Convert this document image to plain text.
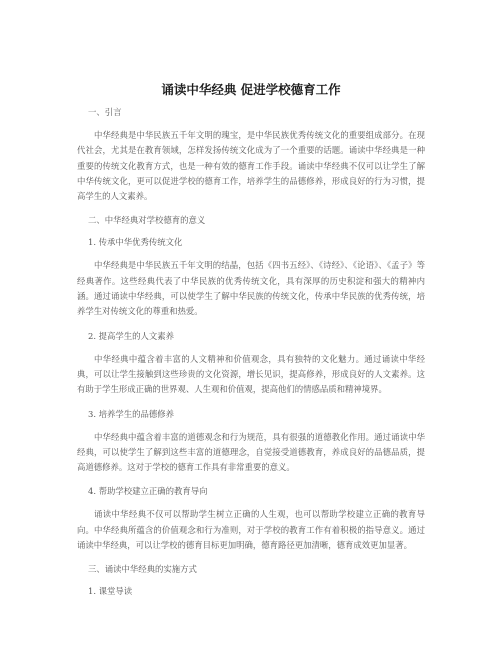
诵读中华经典 促进学校德育工作
一、引言
中华经典是中华民族五千年文明的瑰宝，是中华民族优秀传统文化的重要组成部分。在现代社会，尤其是在教育领域，怎样发扬传统文化成为了一个重要的话题。诵读中华经典是一种重要的传统文化教育方式，也是一种有效的德育工作手段。诵读中华经典不仅可以让学生了解中华传统文化，更可以促进学校的德育工作，培养学生的品德修养，形成良好的行为习惯，提高学生的人文素养。
二、中华经典对学校德育的意义
1. 传承中华优秀传统文化
中华经典是中华民族五千年文明的结晶，包括《四书五经》、《诗经》、《论语》、《孟子》等经典著作。这些经典代表了中华民族的优秀传统文化，具有深厚的历史积淀和强大的精神内涵。通过诵读中华经典，可以使学生了解中华民族的传统文化，传承中华民族的优秀传统，培养学生对传统文化的尊重和热爱。
2. 提高学生的人文素养
中华经典中蕴含着丰富的人文精神和价值观念，具有独特的文化魅力。通过诵读中华经典，可以让学生接触到这些珍贵的文化资源，增长见识，提高修养，形成良好的人文素养。这有助于学生形成正确的世界观、人生观和价值观，提高他们的情感品质和精神境界。
3. 培养学生的品德修养
中华经典中蕴含着丰富的道德观念和行为规范，具有很强的道德教化作用。通过诵读中华经典，可以使学生了解到这些丰富的道德理念，自觉接受道德教育，养成良好的品德品质，提高道德修养。这对于学校的德育工作具有非常重要的意义。
4. 帮助学校建立正确的教育导向
诵读中华经典不仅可以帮助学生树立正确的人生观，也可以帮助学校建立正确的教育导向。中华经典所蕴含的价值观念和行为准则，对于学校的教育工作有着积极的指导意义。通过诵读中华经典，可以让学校的德育目标更加明确，德育路径更加清晰，德育成效更加显著。
三、诵读中华经典的实施方式
1. 课堂导读
